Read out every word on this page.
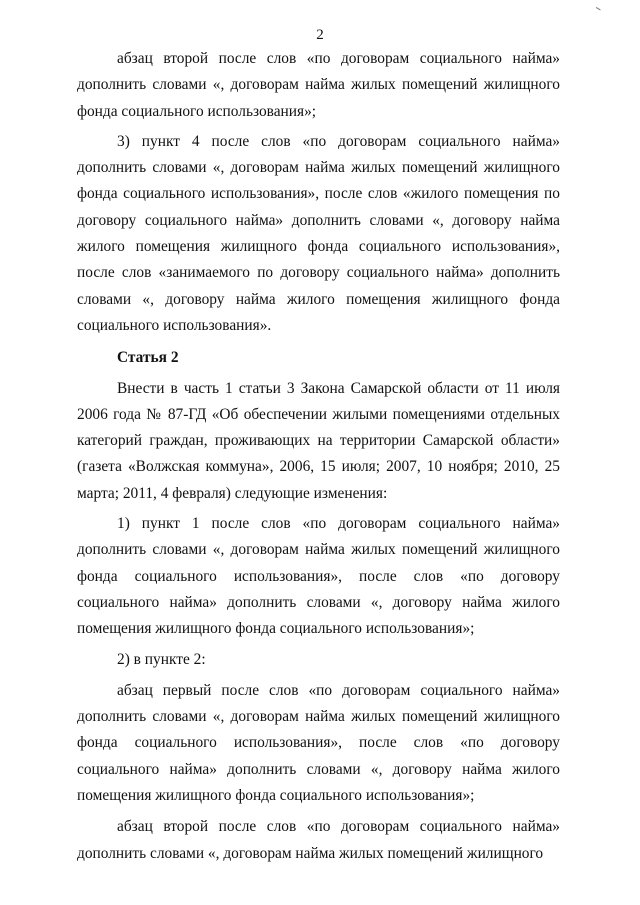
2

абзац второй после слов «по договорам социального найма» дополнить словами «, договорам найма жилых помещений жилищного фонда социального использования»;

3) пункт 4 после слов «по договорам социального найма» дополнить словами «, договорам найма жилых помещений жилищного фонда социального использования», после слов «жилого помещения по договору социального найма» дополнить словами «, договору найма жилого помещения жилищного фонда социального использования», после слов «занимаемого по договору социального найма» дополнить словами «, договору найма жилого помещения жилищного фонда социального использования».

Статья 2

Внести в часть 1 статьи 3 Закона Самарской области от 11 июля 2006 года № 87-ГД «Об обеспечении жилыми помещениями отдельных категорий граждан, проживающих на территории Самарской области» (газета «Волжская коммуна», 2006, 15 июля; 2007, 10 ноября; 2010, 25 марта; 2011, 4 февраля) следующие изменения:

1) пункт 1 после слов «по договорам социального найма» дополнить словами «, договорам найма жилых помещений жилищного фонда социального использования», после слов «по договору социального найма» дополнить словами «, договору найма жилого помещения жилищного фонда социального использования»;

2) в пункте 2:

абзац первый после слов «по договорам социального найма» дополнить словами «, договорам найма жилых помещений жилищного фонда социального использования», после слов «по договору социального найма» дополнить словами «, договору найма жилого помещения жилищного фонда социального использования»;

абзац второй после слов «по договорам социального найма» дополнить словами «, договорам найма жилых помещений жилищного
